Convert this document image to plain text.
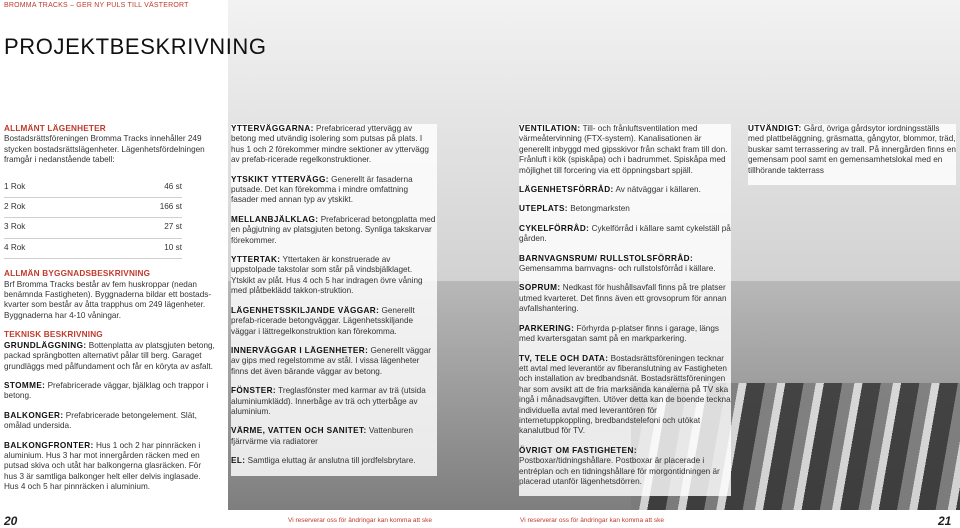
BROMMA TRACKS – GER NY PULS TILL VÄSTERORT
PROJEKTBESKRIVNING
ALLMÄNT LÄGENHETER

Bostadsrättsföreningen Bromma Tracks innehåller 249 stycken bostadsrättslägenheter. Lägenhetsfördelningen framgår i nedanstående tabell:

1 Rok	46 st
2 Rok	166 st
3 Rok	27 st
4 Rok	10 st
ALLMÄN BYGGNADSBESKRIVNING

Brf Bromma Tracks består av fem huskroppar (nedan benämnda Fastigheten). Byggnaderna bildar ett bostads-kvarter som består av åtta trapphus om 249 lägenheter. Byggnaderna har 4-10 våningar.

TEKNISK BESKRIVNING

GRUNDLÄGGNING: Bottenplatta av platsgjuten betong, packad sprängbotten alternativt pålar till berg. Garaget grundläggs med pålfundament och får en köryta av asfalt.

STOMME: Prefabricerade väggar, bjälklag och trappor i betong.

BALKONGER: Prefabricerade betongelement. Slät, omålad undersida.

BALKONGFRONTER: Hus 1 och 2 har pinnräcken i aluminium. Hus 3 har mot innergården räcken med en putsad skiva och utåt har balkongerna glasräcken. För hus 3 är samtliga balkonger helt eller delvis inglasade. Hus 4 och 5 har pinnräcken i aluminium.

YTTERVÄGGARNA: Prefabricerad yttervägg av betong med utvändig isolering som putsas på plats. I hus 1 och 2 förekommer mindre sektioner av yttervägg av prefab-ricerade regelkonstruktioner.

YTSKIKT YTTERVÄGG: Generellt är fasaderna putsade. Det kan förekomma i mindre omfattning fasader med annan typ av ytskikt.

MELLANBJÄLKLAG: Prefabricerad betongplatta med en pågjutning av platsgjuten betong. Synliga takskarvar förekommer.

YTTERTAK: Yttertaken är konstruerade av uppstolpade takstolar som står på vindsbjälklaget. Ytskikt av plåt. Hus 4 och 5 har indragen övre våning med plåtbeklädd takkon-struktion.

LÄGENHETSSKILJANDE VÄGGAR: Generellt prefab-ricerade betongväggar. Lägenhetsskiljande väggar i lättregelkonstruktion kan förekomma.

INNERVÄGGAR I LÄGENHETER: Generellt väggar av gips med regelstomme av stål. I vissa lägenheter finns det även bärande väggar av betong.

FÖNSTER: Treglasfönster med karmar av trä (utsida aluminiumklädd). Innerbåge av trä och ytterbåge av aluminium.

VÄRME, VATTEN OCH SANITET: Vattenburen fjärrvärme via radiatorer

EL: Samtliga eluttag är anslutna till jordfelsbrytare.

VENTILATION: Till- och frånluftsventilation med värmeåtervinning (FTX-system). Kanalisationen är generellt inbyggd med gipsskivor från schakt fram till don. Frånluft i kök (spiskåpa) och i badrummet. Spiskåpa med möjlighet till forcering via ett öppningsbart spjäll.

LÄGENHETSFÖRRÅD: Av nätväggar i källaren.

UTEPLATS: Betongmarksten

CYKELFÖRRÅD: Cykelförråd i källare samt cykelställ på gården.

BARNVAGNSRUM/ RULLSTOLSFÖRRÅD:
Gemensamma barnvagns- och rullstolsförråd i källare.

SOPRUM: Nedkast för hushållsavfall finns på tre platser utmed kvarteret. Det finns även ett grovsoprum för annan avfallshantering.

PARKERING: Förhyrda p-platser finns i garage, längs med kvartersgatan samt på en markparkering.

TV, TELE OCH DATA: Bostadsrättsföreningen tecknar ett avtal med leverantör av fiberanslutning av Fastigheten och installation av bredbandsnät. Bostadsrättsföreningen har som avsikt att de fria marksända kanalerna på TV ska ingå i månadsavgiften. Utöver detta kan de boende teckna individuella avtal med leverantören för internetuppkoppling, bredbandstelefoni och utökat kanalutbud för TV.

ÖVRIGT OM FASTIGHETEN: Postboxar/tidningshållare. Postboxar är placerade i entréplan och en tidningshållare för morgontidningen är placerad utanför lägenhetsdörren.

UTVÄNDIGT: Gård, övriga gårdsytor iordningsställs med plattbeläggning, gräsmatta, gångytor, blommor, träd, buskar samt terrassering av trall. På innergården finns en gemensam pool samt en gemensamhetslokal med en tillhörande takterrass

20	Vi reserverar oss för ändringar kan komma att ske	Vi reserverar oss för ändringar kan komma att ske	21
